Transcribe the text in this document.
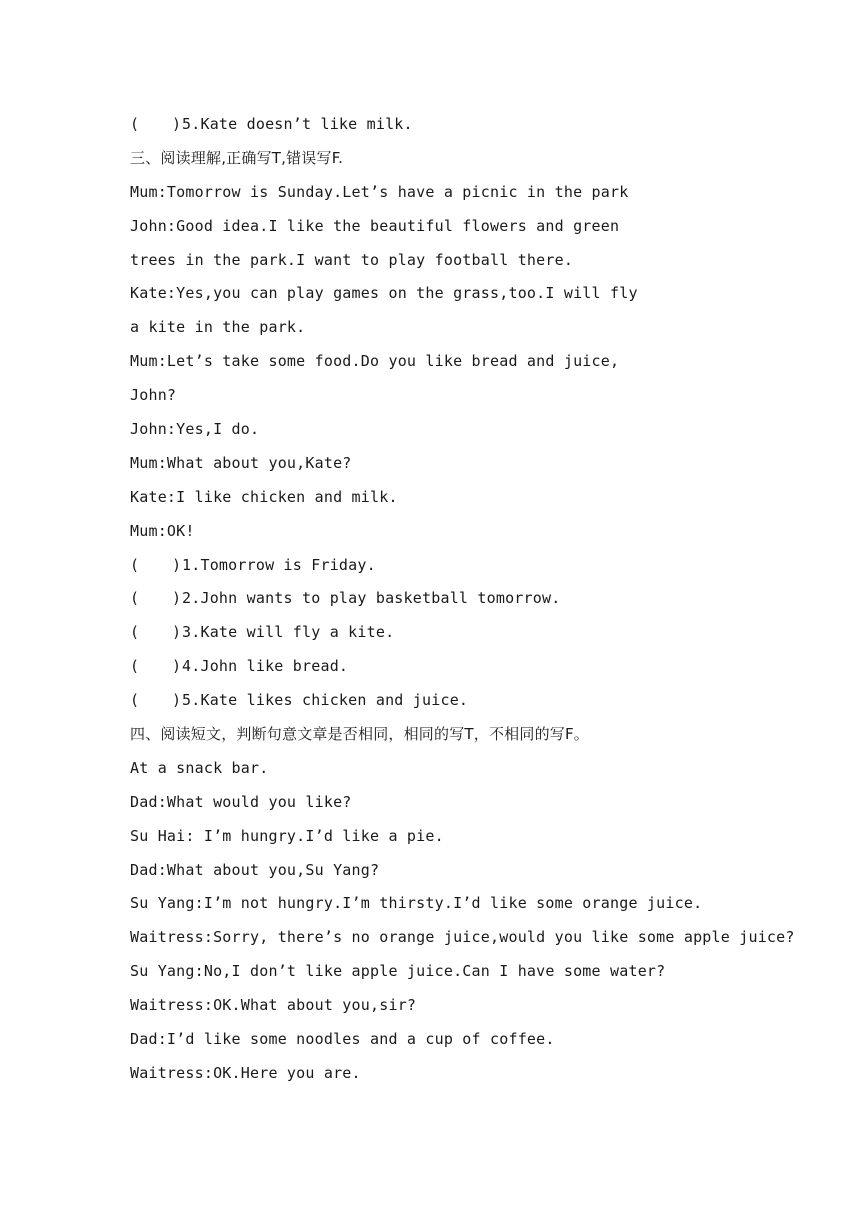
( ) 5.Kate doesn’t like milk.
三、阅读理解,正确写T,错误写F.
Mum:Tomorrow is Sunday.Let’s have a picnic in the park
John:Good idea.I like the beautiful flowers and green
trees in the park.I want to play football there.
Kate:Yes,you can play games on the grass,too.I will fly
a kite in the park.
Mum:Let’s take some food.Do you like bread and juice,
John?
John:Yes,I do.
Mum:What about you,Kate?
Kate:I like chicken and milk.
Mum:OK!
( ) 1.Tomorrow is Friday.
( ) 2.John wants to play basketball tomorrow.
( ) 3.Kate will fly a kite.
( ) 4.John like bread.
( ) 5.Kate likes chicken and juice.
四、阅读短文，判断句意文章是否相同，相同的写T，不相同的写F。
At a snack bar.
Dad:What would you like?
Su Hai: I’m hungry.I’d like a pie.
Dad:What about you,Su Yang?
Su Yang:I’m not hungry.I’m thirsty.I’d like some orange juice.
Waitress:Sorry, there’s no orange juice,would you like some apple juice?
Su Yang:No,I don’t like apple juice.Can I have some water?
Waitress:OK.What about you,sir?
Dad:I’d like some noodles and a cup of coffee.
Waitress:OK.Here you are.
